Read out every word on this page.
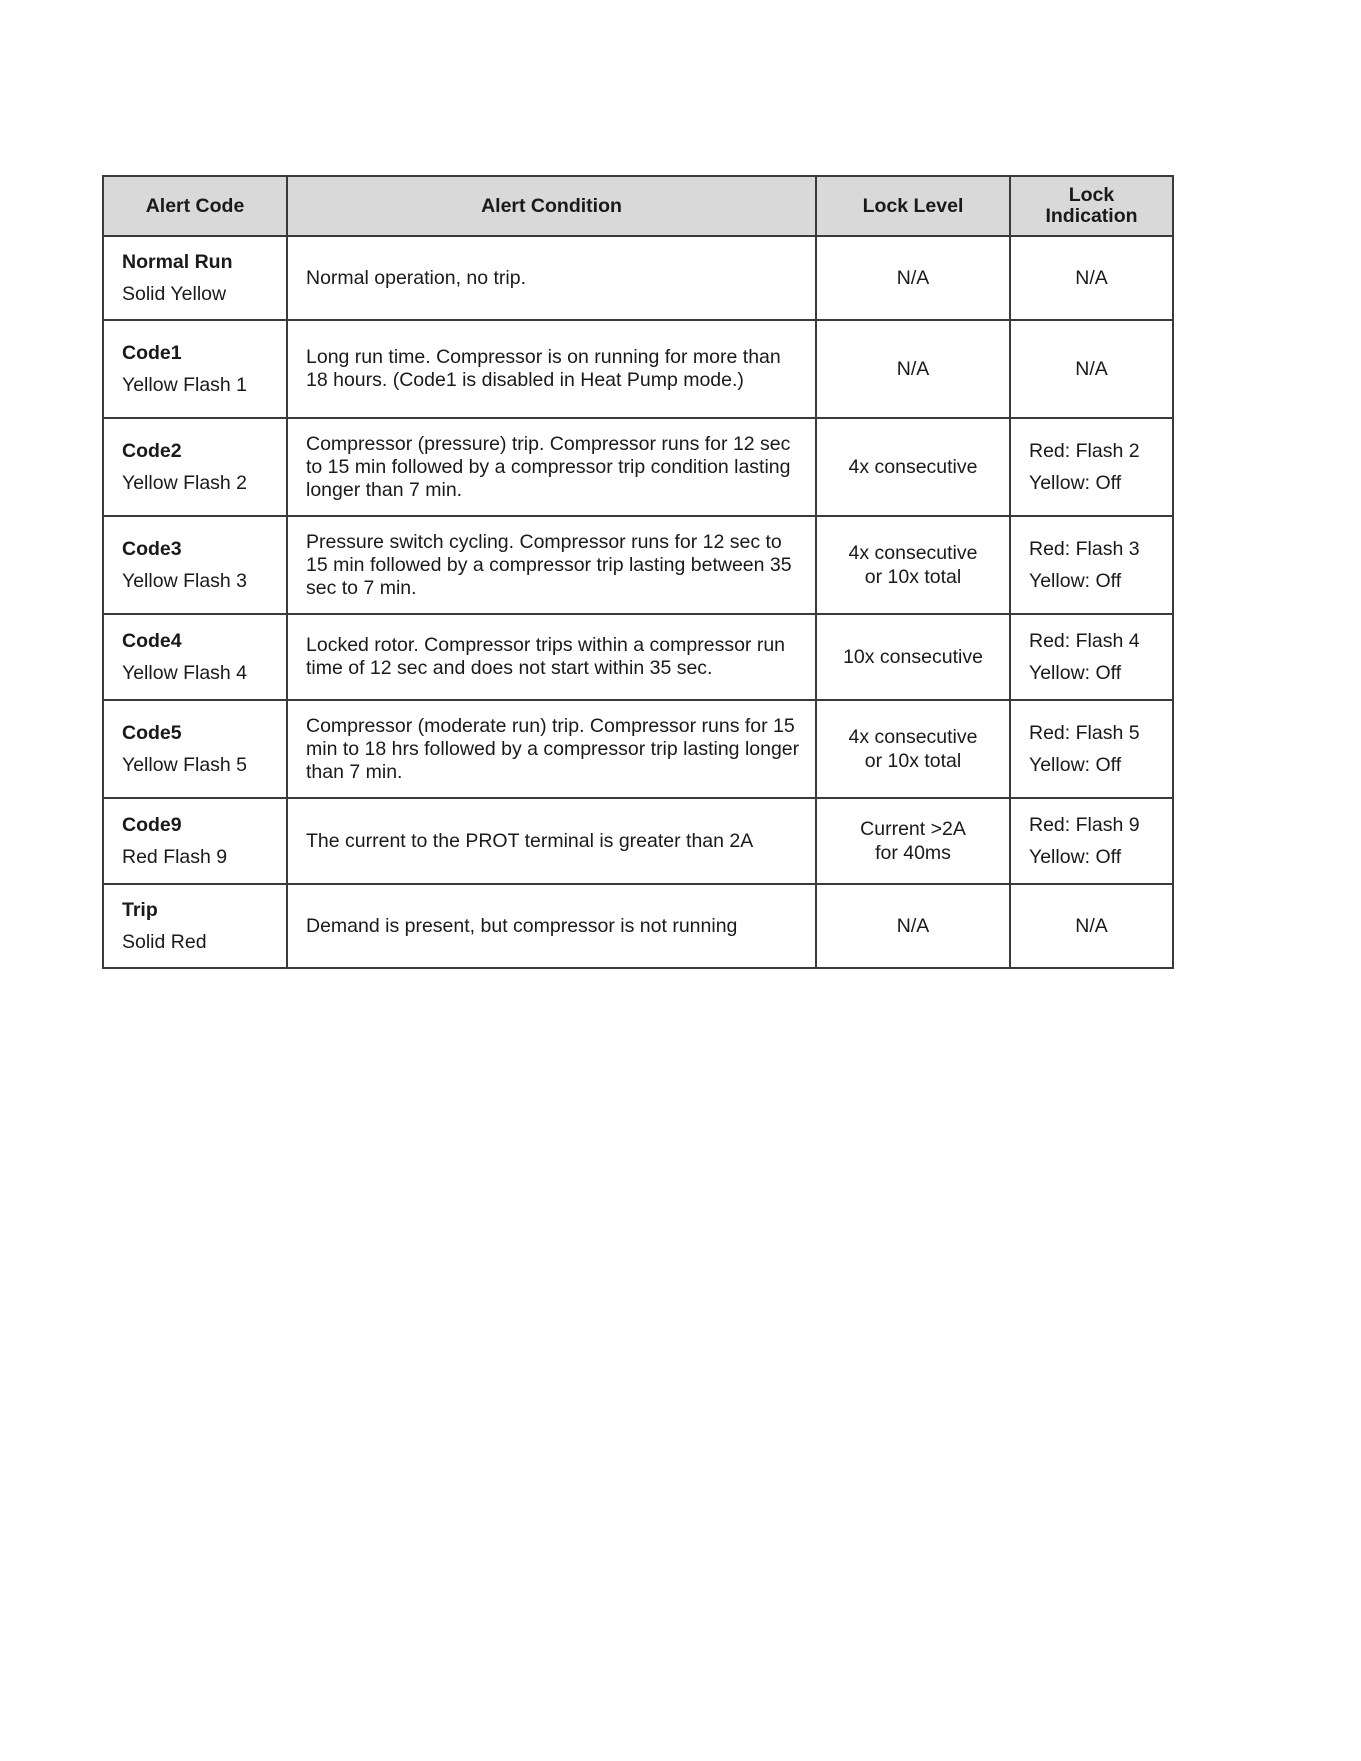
Alert Code	Alert Condition	Lock Level	Lock
Indication

Normal Run
Solid Yellow	Normal operation, no trip.	N/A	N/A

Code1
Yellow Flash 1	Long run time. Compressor is on running for more than 18 hours. (Code1 is disabled in Heat Pump mode.)	N/A	N/A

Code2
Yellow Flash 2	Compressor (pressure) trip. Compressor runs for 12 sec to 15 min followed by a compressor trip condition lasting longer than 7 min.	4x consecutive	Red: Flash 2
Yellow: Off

Code3
Yellow Flash 3	Pressure switch cycling. Compressor runs for 12 sec to 15 min followed by a compressor trip lasting between 35 sec to 7 min.	4x consecutive
or 10x total	Red: Flash 3
Yellow: Off

Code4
Yellow Flash 4	Locked rotor. Compressor trips within a compressor run time of 12 sec and does not start within 35 sec.	10x consecutive	Red: Flash 4
Yellow: Off

Code5
Yellow Flash 5	Compressor (moderate run) trip. Compressor runs for 15 min to 18 hrs followed by a compressor trip lasting longer than 7 min.	4x consecutive
or 10x total	Red: Flash 5
Yellow: Off

Code9
Red Flash 9	The current to the PROT terminal is greater than 2A	Current >2A
for 40ms	Red: Flash 9
Yellow: Off

Trip
Solid Red	Demand is present, but compressor is not running	N/A	N/A
